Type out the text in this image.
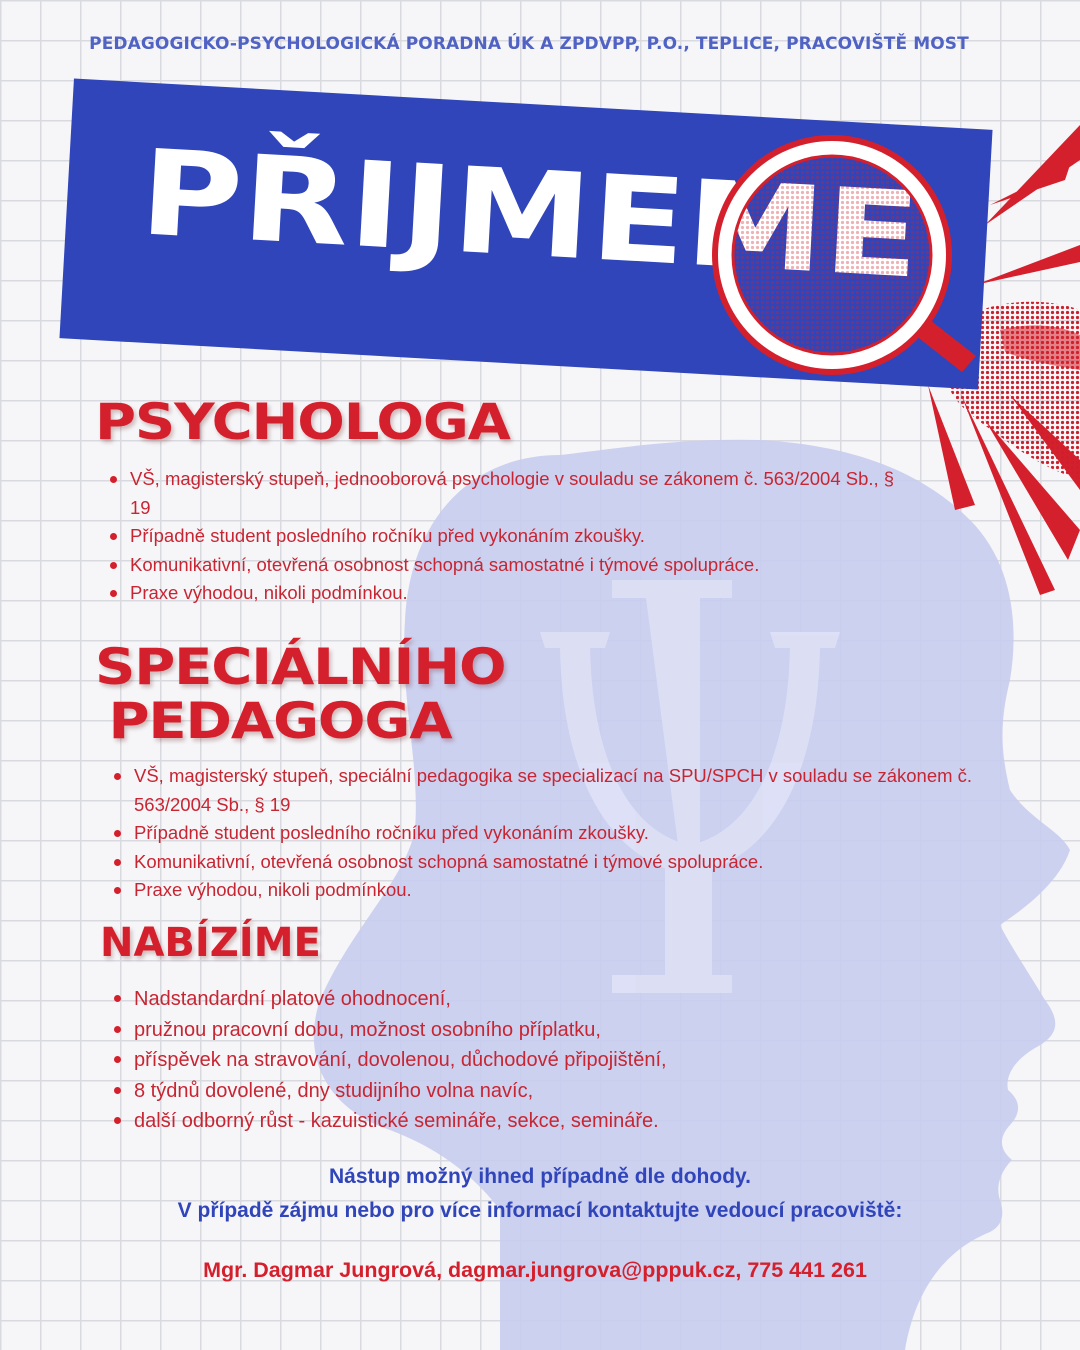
PEDAGOGICKO-PSYCHOLOGICKÁ PORADNA ÚK A ZPDVPP, P.O., TEPLICE, PRACOVIŠTĚ MOST
PŘIJMEME
PSYCHOLOGA
VŠ, magisterský stupeň, jednooborová psychologie v souladu se zákonem č. 563/2004 Sb., § 19
Případně student posledního ročníku před vykonáním zkoušky.
Komunikativní, otevřená osobnost schopná samostatné i týmové spolupráce.
Praxe výhodou, nikoli podmínkou.
SPECIÁLNÍHO
PEDAGOGA
VŠ, magisterský stupeň, speciální pedagogika se specializací na SPU/SPCH v souladu se zákonem č. 563/2004 Sb., § 19
Případně student posledního ročníku před vykonáním zkoušky.
Komunikativní, otevřená osobnost schopná samostatné i týmové spolupráce.
Praxe výhodou, nikoli podmínkou.
NABÍZÍME
Nadstandardní platové ohodnocení,
pružnou pracovní dobu, možnost osobního příplatku,
příspěvek na stravování, dovolenou, důchodové připojištění,
8 týdnů dovolené, dny studijního volna navíc,
další odborný růst - kazuistické semináře, sekce, semináře.
Nástup možný ihned případně dle dohody.
V případě zájmu nebo pro více informací kontaktujte vedoucí pracoviště:
Mgr. Dagmar Jungrová, dagmar.jungrova@pppuk.cz, 775 441 261
